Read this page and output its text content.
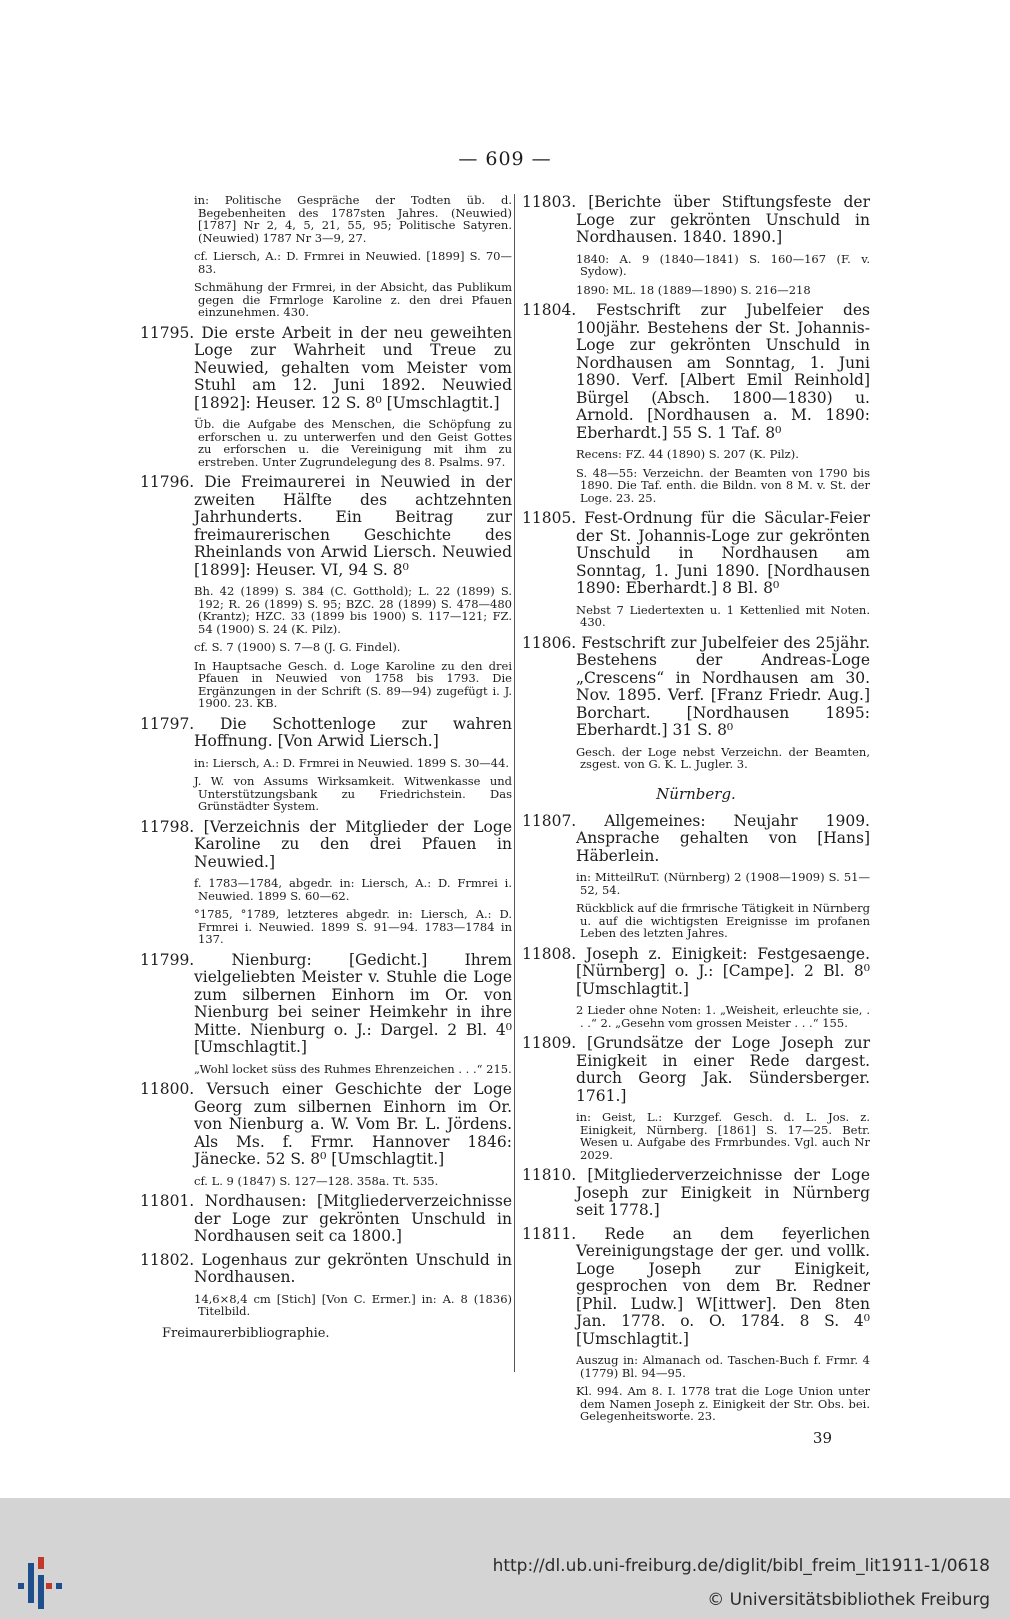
— 609 —
in: Politische Gespräche der Todten üb. d. Begebenheiten des 1787sten Jahres. (Neuwied) [1787] Nr 2, 4, 5, 21, 55, 95; Politische Satyren. (Neuwied) 1787 Nr 3—9, 27.
cf. Liersch, A.: D. Frmrei in Neuwied. [1899] S. 70—83.
Schmähung der Frmrei, in der Absicht, das Publikum gegen die Frmrloge Karoline z. den drei Pfauen einzunehmen. 430.
11795. Die erste Arbeit in der neu geweihten Loge zur Wahrheit und Treue zu Neuwied, gehalten vom Meister vom Stuhl am 12. Juni 1892. Neuwied [1892]: Heuser. 12 S. 8⁰ [Umschlagtit.]
Üb. die Aufgabe des Menschen, die Schöpfung zu erforschen u. zu unterwerfen und den Geist Gottes zu erforschen u. die Vereinigung mit ihm zu erstreben. Unter Zugrundelegung des 8. Psalms. 97.
11796. Die Freimaurerei in Neuwied in der zweiten Hälfte des achtzehnten Jahrhunderts. Ein Beitrag zur freimaurerischen Geschichte des Rheinlands von Arwid Liersch. Neuwied [1899]: Heuser. VI, 94 S. 8⁰
Bh. 42 (1899) S. 384 (C. Gotthold); L. 22 (1899) S. 192; R. 26 (1899) S. 95; BZC. 28 (1899) S. 478—480 (Krantz); HZC. 33 (1899 bis 1900) S. 117—121; FZ. 54 (1900) S. 24 (K. Pilz).
cf. S. 7 (1900) S. 7—8 (J. G. Findel).
In Hauptsache Gesch. d. Loge Karoline zu den drei Pfauen in Neuwied von 1758 bis 1793. Die Ergänzungen in der Schrift (S. 89—94) zugefügt i. J. 1900. 23. KB.
11797. Die Schottenloge zur wahren Hoffnung. [Von Arwid Liersch.]
in: Liersch, A.: D. Frmrei in Neuwied. 1899 S. 30—44.
J. W. von Assums Wirksamkeit. Witwenkasse und Unterstützungsbank zu Friedrichstein. Das Grünstädter System.
11798. [Verzeichnis der Mitglieder der Loge Karoline zu den drei Pfauen in Neuwied.]
f. 1783—1784, abgedr. in: Liersch, A.: D. Frmrei i. Neuwied. 1899 S. 60—62.
°1785, °1789, letzteres abgedr. in: Liersch, A.: D. Frmrei i. Neuwied. 1899 S. 91—94. 1783—1784 in 137.
11799. Nienburg: [Gedicht.] Ihrem vielgeliebten Meister v. Stuhle die Loge zum silbernen Einhorn im Or. von Nienburg bei seiner Heimkehr in ihre Mitte. Nienburg o. J.: Dargel. 2 Bl. 4⁰ [Umschlagtit.]
„Wohl locket süss des Ruhmes Ehrenzeichen . . .“ 215.
11800. Versuch einer Geschichte der Loge Georg zum silbernen Einhorn im Or. von Nienburg a. W. Vom Br. L. Jördens. Als Ms. f. Frmr. Hannover 1846: Jänecke. 52 S. 8⁰ [Umschlagtit.]
cf. L. 9 (1847) S. 127—128. 358a. Tt. 535.
11801. Nordhausen: [Mitgliederverzeichnisse der Loge zur gekrönten Unschuld in Nordhausen seit ca 1800.]
11802. Logenhaus zur gekrönten Unschuld in Nordhausen.
14,6×8,4 cm [Stich] [Von C. Ermer.] in: A. 8 (1836) Titelbild.
Freimaurerbibliographie.
11803. [Berichte über Stiftungsfeste der Loge zur gekrönten Unschuld in Nordhausen. 1840. 1890.]
1840: A. 9 (1840—1841) S. 160—167 (F. v. Sydow).
1890: ML. 18 (1889—1890) S. 216—218
11804. Festschrift zur Jubelfeier des 100jähr. Bestehens der St. Johannis-Loge zur gekrönten Unschuld in Nordhausen am Sonntag, 1. Juni 1890. Verf. [Albert Emil Reinhold] Bürgel (Absch. 1800—1830) u. Arnold. [Nordhausen a. M. 1890: Eberhardt.] 55 S. 1 Taf. 8⁰
Recens: FZ. 44 (1890) S. 207 (K. Pilz).
S. 48—55: Verzeichn. der Beamten von 1790 bis 1890. Die Taf. enth. die Bildn. von 8 M. v. St. der Loge. 23. 25.
11805. Fest-Ordnung für die Säcular-Feier der St. Johannis-Loge zur gekrönten Unschuld in Nordhausen am Sonntag, 1. Juni 1890. [Nordhausen 1890: Eberhardt.] 8 Bl. 8⁰
Nebst 7 Liedertexten u. 1 Kettenlied mit Noten. 430.
11806. Festschrift zur Jubelfeier des 25jähr. Bestehens der Andreas-Loge „Crescens“ in Nordhausen am 30. Nov. 1895. Verf. [Franz Friedr. Aug.] Borchart. [Nordhausen 1895: Eberhardt.] 31 S. 8⁰
Gesch. der Loge nebst Verzeichn. der Beamten, zsgest. von G. K. L. Jugler. 3.
Nürnberg.
11807. Allgemeines: Neujahr 1909. Ansprache gehalten von [Hans] Häberlein.
in: MitteilRuT. (Nürnberg) 2 (1908—1909) S. 51—52, 54.
Rückblick auf die frmrische Tätigkeit in Nürnberg u. auf die wichtigsten Ereignisse im profanen Leben des letzten Jahres.
11808. Joseph z. Einigkeit: Festgesaenge. [Nürnberg] o. J.: [Campe]. 2 Bl. 8⁰ [Umschlagtit.]
2 Lieder ohne Noten: 1. „Weisheit, erleuchte sie, . . .“ 2. „Gesehn vom grossen Meister . . .“ 155.
11809. [Grundsätze der Loge Joseph zur Einigkeit in einer Rede dargest. durch Georg Jak. Sündersberger. 1761.]
in: Geist, L.: Kurzgef. Gesch. d. L. Jos. z. Einigkeit, Nürnberg. [1861] S. 17—25. Betr. Wesen u. Aufgabe des Frmrbundes. Vgl. auch Nr 2029.
11810. [Mitgliederverzeichnisse der Loge Joseph zur Einigkeit in Nürnberg seit 1778.]
11811. Rede an dem feyerlichen Vereinigungstage der ger. und vollk. Loge Joseph zur Einigkeit, gesprochen von dem Br. Redner [Phil. Ludw.] W[ittwer]. Den 8ten Jan. 1778. o. O. 1784. 8 S. 4⁰ [Umschlagtit.]
Auszug in: Almanach od. Taschen-Buch f. Frmr. 4 (1779) Bl. 94—95.
Kl. 994. Am 8. I. 1778 trat die Loge Union unter dem Namen Joseph z. Einigkeit der Str. Obs. bei. Gelegenheitsworte. 23.
39
http://dl.ub.uni-freiburg.de/diglit/bibl_freim_lit1911-1/0618
© Universitätsbibliothek Freiburg
